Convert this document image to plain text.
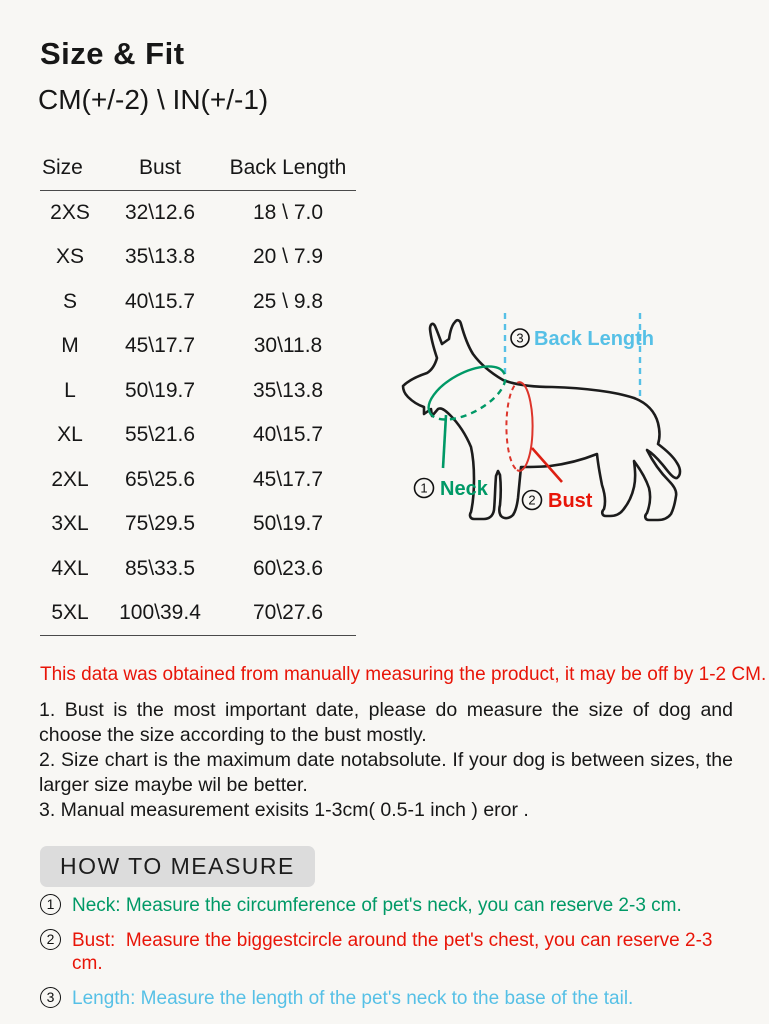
Size & Fit
CM(+/-2) \ IN(+/-1)
Size	Bust	Back Length
2XS	32\12.6	18 \ 7.0
XS	35\13.8	20 \ 7.9
S	40\15.7	25 \ 9.8
M	45\17.7	30\11.8
L	50\19.7	35\13.8
XL	55\21.6	40\15.7
2XL	65\25.6	45\17.7
3XL	75\29.5	50\19.7
4XL	85\33.5	60\23.6
5XL	100\39.4	70\27.6
3 Back Length
1 Neck	2 Bust

This data was obtained from manually measuring the product, it may be off by 1-2 CM.

1. Bust is the most important date, please do measure the size of dog and choose the size according to the bust mostly.

2. Size chart is the maximum date notabsolute. If your dog is between sizes, the larger size maybe wil be better.

3. Manual measurement exisits 1-3cm( 0.5-1 inch ) eror .

HOW TO MEASURE
1 Neck: Measure the circumference of pet's neck, you can reserve 2-3 cm.
2 Bust:  Measure the biggestcircle around the pet's chest, you can reserve 2-3 cm.
3 Length: Measure the length of the pet's neck to the base of the tail.
